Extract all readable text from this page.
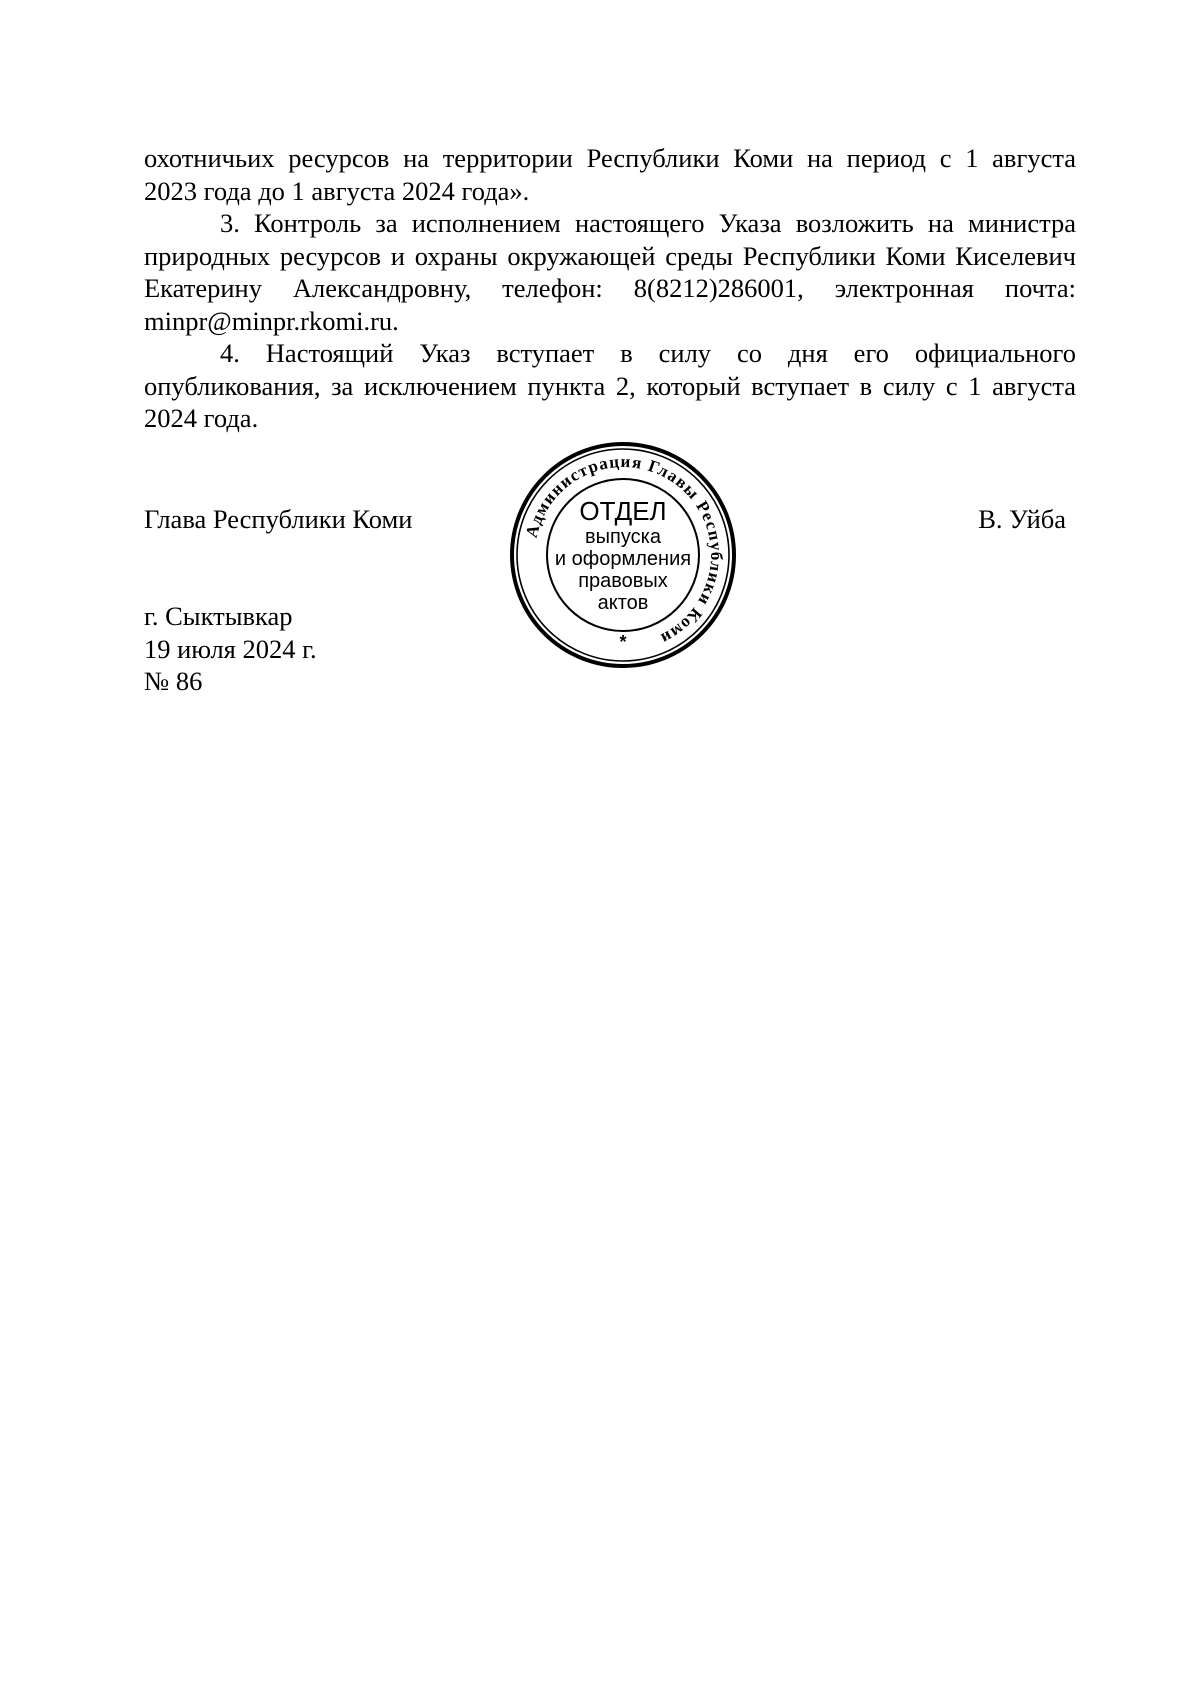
охотничьих ресурсов на территории Республики Коми на период с 1 августа

2023 года до 1 августа 2024 года».

3. Контроль за исполнением настоящего Указа возложить на министра природных ресурсов и охраны окружающей среды Республики Коми Киселевич Екатерину Александровну, телефон: 8(8212)286001, электронная почта: minpr@minpr.rkomi.ru.

4. Настоящий Указ вступает в силу со дня его официального опубликования, за исключением пункта 2, который вступает в силу с 1 августа 2024 года.

Глава Республики Коми	В. Уйба
Администрация Главы Республики Коми
ОТДЕЛ
выпуска
и оформления
правовых
актов
*
г. Сыктывкар
19 июля 2024 г.
№ 86
